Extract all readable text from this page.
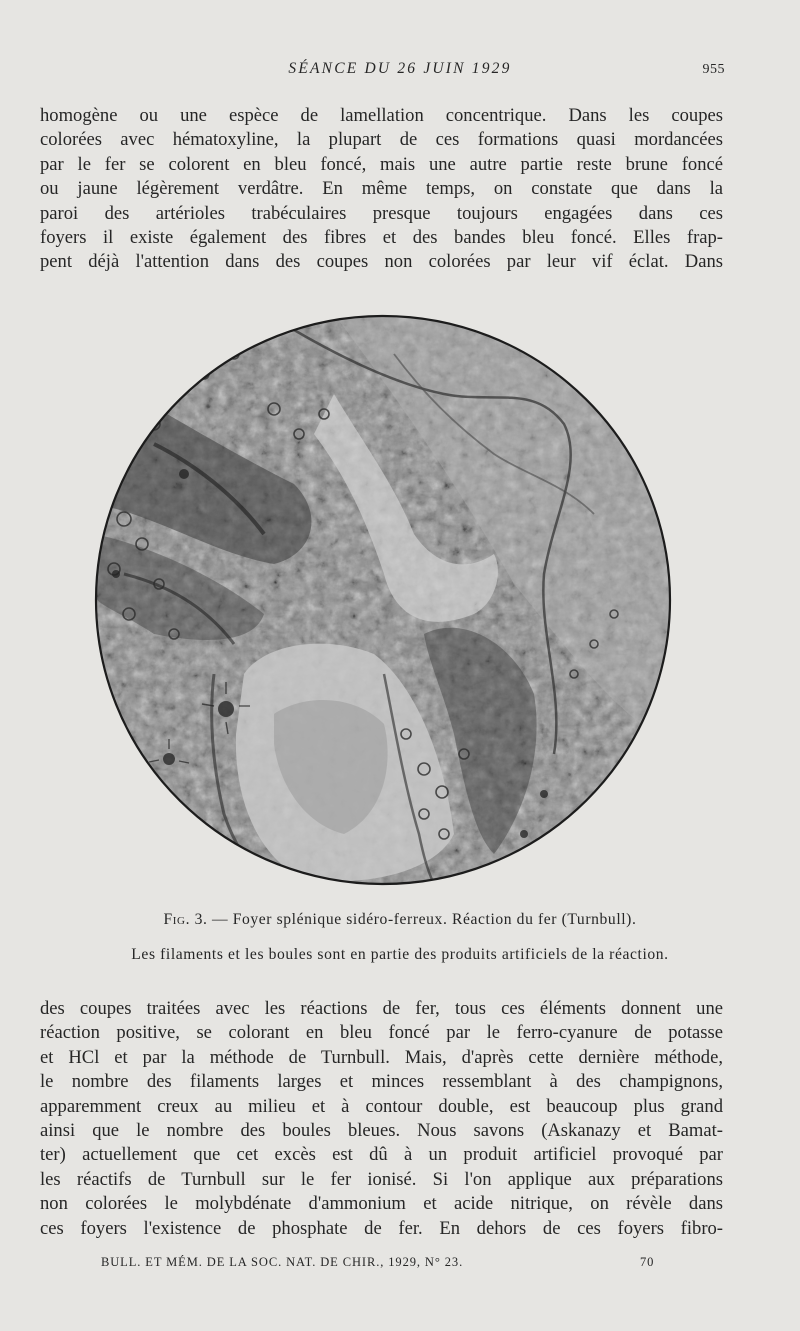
SÉANCE DU 26 JUIN 1929	955
homogène ou une espèce de lamellation concentrique. Dans les coupes
colorées avec hématoxyline, la plupart de ces formations quasi mordancées
par le fer se colorent en bleu foncé, mais une autre partie reste brune foncé
ou jaune légèrement verdâtre. En même temps, on constate que dans la
paroi des artérioles trabéculaires presque toujours engagées dans ces
foyers il existe également des fibres et des bandes bleu foncé. Elles frap-
pent déjà l'attention dans des coupes non colorées par leur vif éclat. Dans
Fig. 3. — Foyer splénique sidéro-ferreux. Réaction du fer (Turnbull).
Les filaments et les boules sont en partie des produits artificiels de la réaction.
des coupes traitées avec les réactions de fer, tous ces éléments donnent une
réaction positive, se colorant en bleu foncé par le ferro-cyanure de potasse
et HCl et par la méthode de Turnbull. Mais, d'après cette dernière méthode,
le nombre des filaments larges et minces ressemblant à des champignons,
apparemment creux au milieu et à contour double, est beaucoup plus grand
ainsi que le nombre des boules bleues. Nous savons (Askanazy et Bamat-
ter) actuellement que cet excès est dû à un produit artificiel provoqué par
les réactifs de Turnbull sur le fer ionisé. Si l'on applique aux préparations
non colorées le molybdénate d'ammonium et acide nitrique, on révèle dans
ces foyers l'existence de phosphate de fer. En dehors de ces foyers fibro-
BULL. ET MÉM. DE LA SOC. NAT. DE CHIR., 1929, N° 23.	70
